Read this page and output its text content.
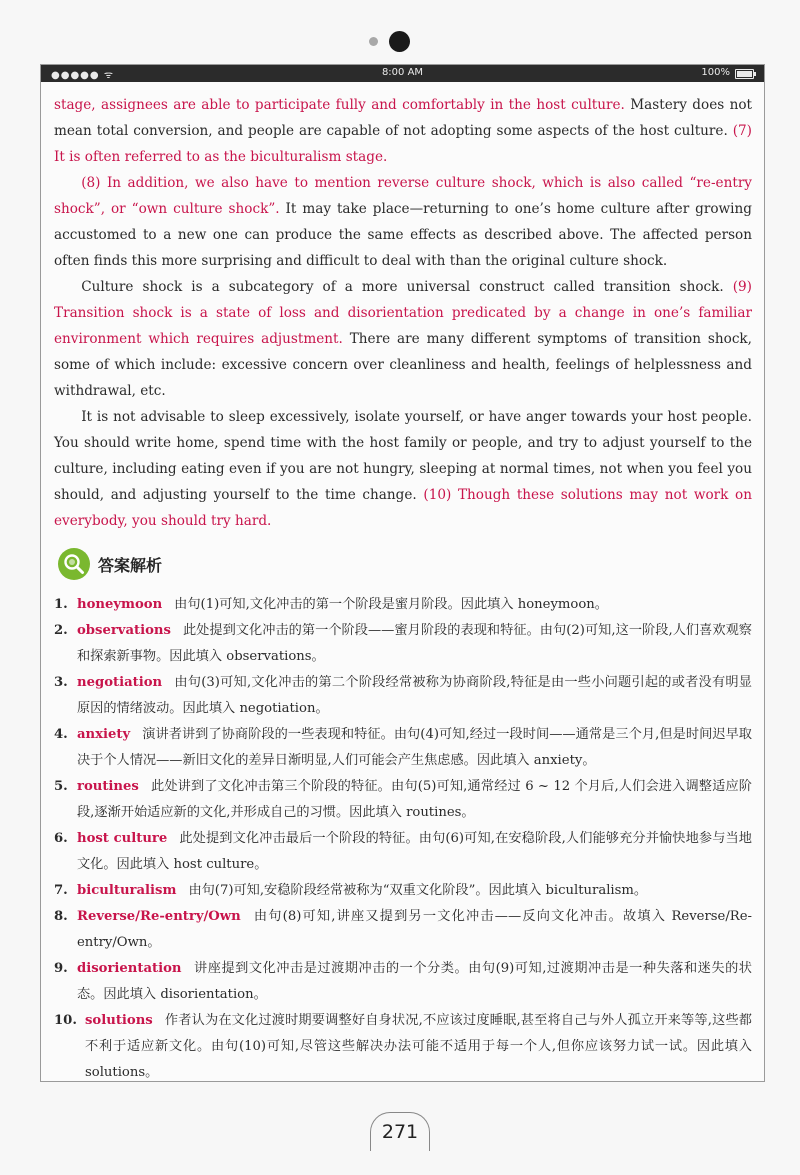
●●●●● ᯤ	8:00 AM	100%

stage, assignees are able to participate fully and comfortably in the host culture. Mastery does not mean total conversion, and people are capable of not adopting some aspects of the host culture. (7) It is often referred to as the biculturalism stage.

(8) In addition, we also have to mention reverse culture shock, which is also called “re-entry shock”, or “own culture shock”. It may take place—returning to one’s home culture after growing accustomed to a new one can produce the same effects as described above. The affected person often finds this more surprising and difficult to deal with than the original culture shock.

Culture shock is a subcategory of a more universal construct called transition shock. (9) Transition shock is a state of loss and disorientation predicated by a change in one’s familiar environment which requires adjustment. There are many different symptoms of transition shock, some of which include: excessive concern over cleanliness and health, feelings of helplessness and withdrawal, etc.

It is not advisable to sleep excessively, isolate yourself, or have anger towards your host people. You should write home, spend time with the host family or people, and try to adjust yourself to the culture, including eating even if you are not hungry, sleeping at normal times, not when you feel you should, and adjusting yourself to the time change. (10) Though these solutions may not work on everybody, you should try hard.

答案解析
1. honeymoon 由句(1)可知,文化冲击的第一个阶段是蜜月阶段。因此填入 honeymoon。
2. observations 此处提到文化冲击的第一个阶段——蜜月阶段的表现和特征。由句(2)可知,这一阶段,人们喜欢观察和探索新事物。因此填入 observations。
3. negotiation 由句(3)可知,文化冲击的第二个阶段经常被称为协商阶段,特征是由一些小问题引起的或者没有明显原因的情绪波动。因此填入 negotiation。
4. anxiety 演讲者讲到了协商阶段的一些表现和特征。由句(4)可知,经过一段时间——通常是三个月,但是时间迟早取决于个人情况——新旧文化的差异日渐明显,人们可能会产生焦虑感。因此填入 anxiety。
5. routines 此处讲到了文化冲击第三个阶段的特征。由句(5)可知,通常经过 6 ~ 12 个月后,人们会进入调整适应阶段,逐渐开始适应新的文化,并形成自己的习惯。因此填入 routines。
6. host culture 此处提到文化冲击最后一个阶段的特征。由句(6)可知,在安稳阶段,人们能够充分并愉快地参与当地文化。因此填入 host culture。
7. biculturalism 由句(7)可知,安稳阶段经常被称为“双重文化阶段”。因此填入 biculturalism。
8. Reverse/Re-entry/Own 由句(8)可知,讲座又提到另一文化冲击——反向文化冲击。故填入 Reverse/Re-entry/Own。
9. disorientation 讲座提到文化冲击是过渡期冲击的一个分类。由句(9)可知,过渡期冲击是一种失落和迷失的状态。因此填入 disorientation。
10. solutions 作者认为在文化过渡时期要调整好自身状况,不应该过度睡眠,甚至将自己与外人孤立开来等等,这些都不利于适应新文化。由句(10)可知,尽管这些解决办法可能不适用于每一个人,但你应该努力试一试。因此填入 solutions。
271
